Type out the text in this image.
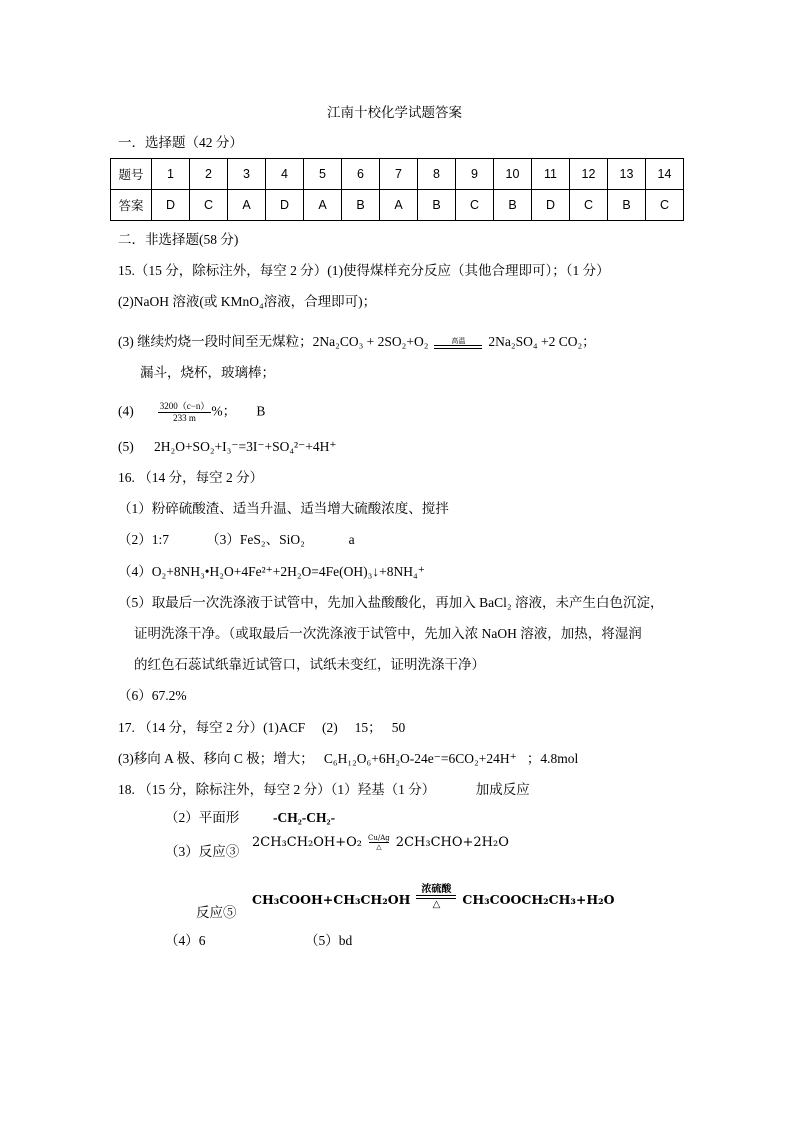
江南十校化学试题答案
一．选择题（42 分）
题号	1	2	3	4	5	6	7	8	9	10	11	12	13	14
答案	D	C	A	D	A	B	A	B	C	B	D	C	B	C
二．非选择题(58 分)
15.（15 分，除标注外，每空 2 分）(1)使得煤样充分反应（其他合理即可）；（1 分）
(2)NaOH 溶液(或 KMnO₄溶液，合理即可)；
(3) 继续灼烧一段时间至无煤粒；2Na₂CO₃ + 2SO₂+O₂	高温 2Na₂SO₄ +2 CO₂；
漏斗，烧杯，玻璃棒；
(4)	$\frac{3200(c-n)}{233 m}$ %；      B
(5)      2H₂O+SO₂+I₃⁻=3I⁻+SO₄²⁻+4H⁺
16. （14 分，每空 2 分）
（1）粉碎硫酸渣、适当升温、适当增大硫酸浓度、搅拌
（2）1:7           （3）FeS₂、SiO₂             a
（4）O₂+8NH₃•H₂O+4Fe²⁺+2H₂O=4Fe(OH)₃↓+8NH₄⁺
（5）取最后一次洗涤液于试管中，先加入盐酸酸化，再加入 BaCl₂ 溶液，未产生白色沉淀，
证明洗涤干净。（或取最后一次洗涤液于试管中，先加入浓 NaOH 溶液，加热，将湿润
的红色石蕊试纸靠近试管口，试纸未变红，证明洗涤干净）
（6）67.2%
17. （14 分，每空 2 分）(1)ACF     (2)     15；   50
(3)移向 A 极、移向 C 极；增大；   C₆H₁₂O₆+6H₂O-24e⁻=6CO₂+24H⁺   ；4.8mol
18. （15 分，除标注外，每空 2 分）（1）羟基（1 分）            加成反应
（2）平面形	-CH₂-CH₂-
（3）反应③
2CH₃CH₂OH+O₂ Cu/Ag
△ 2CH₃CHO+2H₂O
反应⑤
CH₃COOH+CH₃CH₂OH
浓硫酸
△ CH₃COOCH₂CH₃+H₂O
（4）6	（5）bd
